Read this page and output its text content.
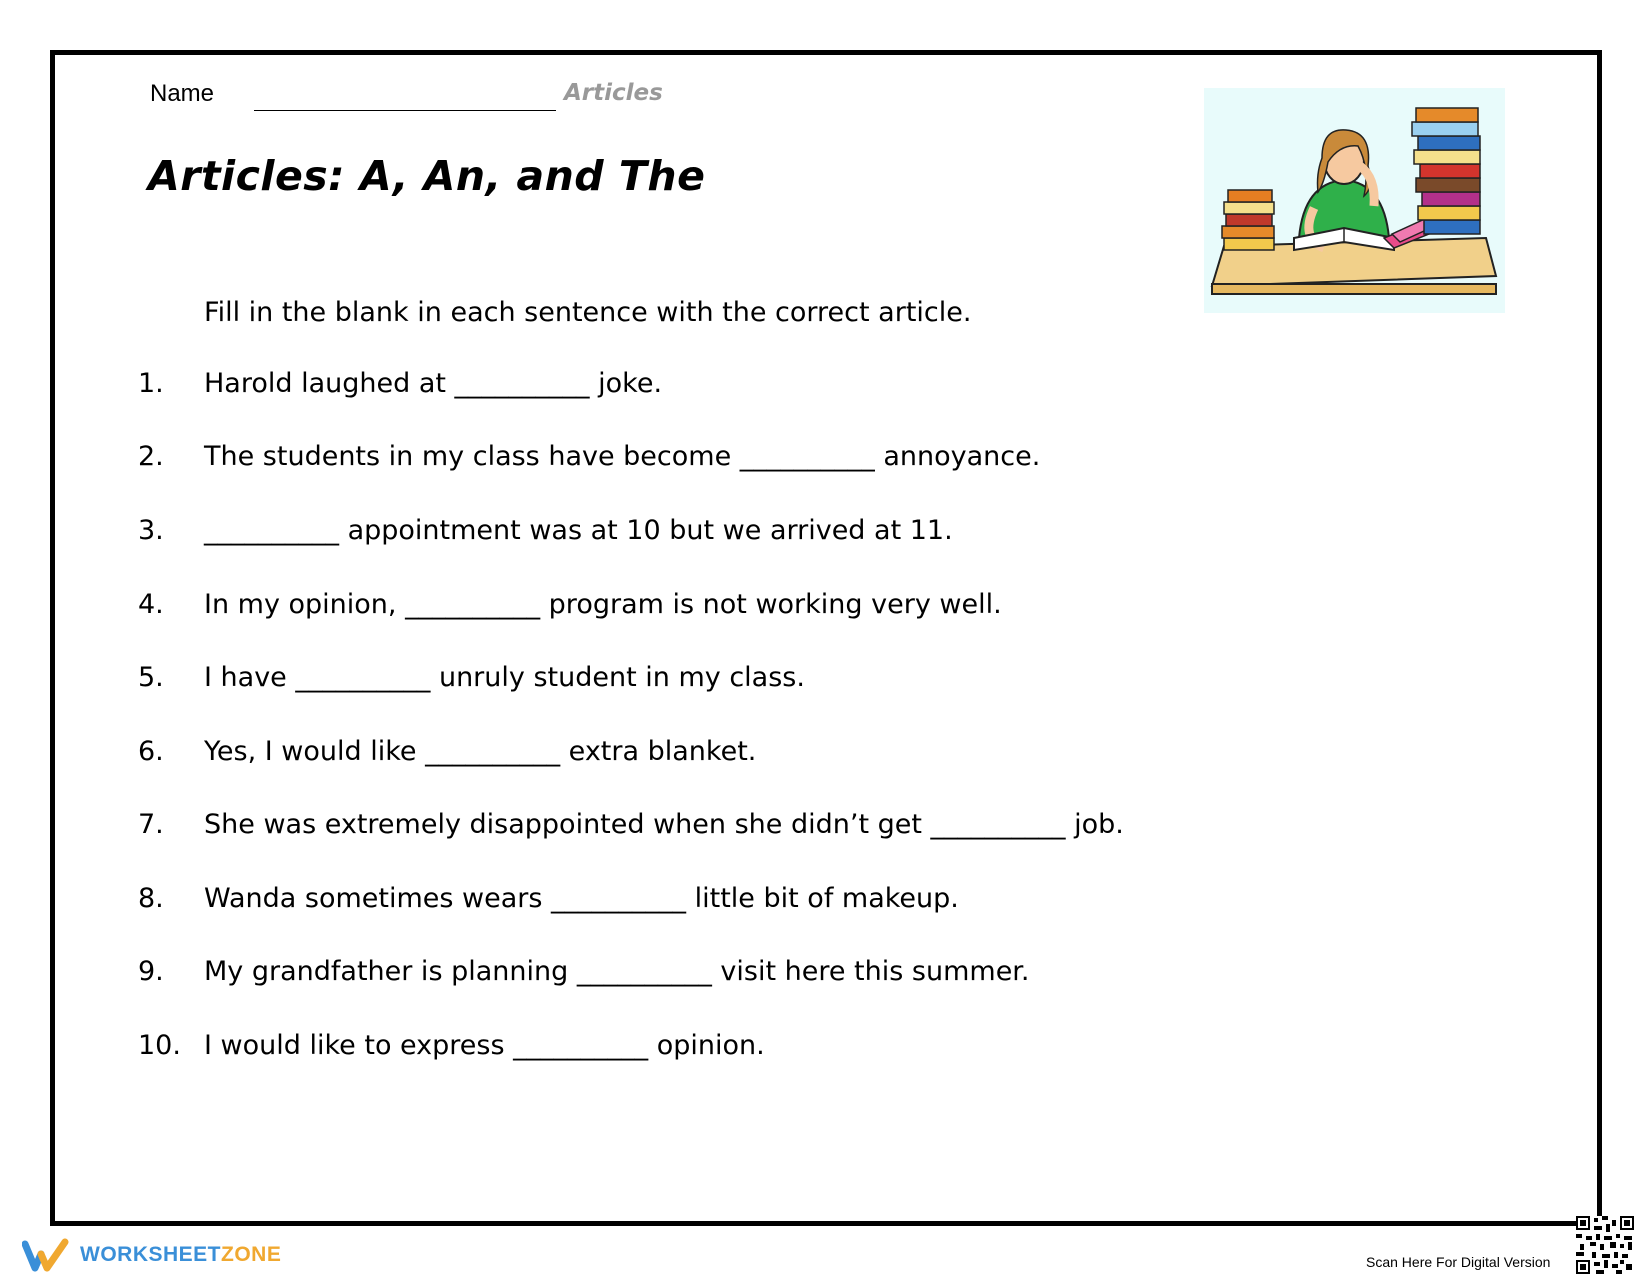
Name	Articles
Articles: A, An, and The
Fill in the blank in each sentence with the correct article.
1. Harold laughed at __________ joke.
2. The students in my class have become __________ annoyance.
3. __________ appointment was at 10 but we arrived at 11.
4. In my opinion, __________ program is not working very well.
5. I have __________ unruly student in my class.
6. Yes, I would like __________ extra blanket.
7. She was extremely disappointed when she didn’t get __________ job.
8. Wanda sometimes wears __________ little bit of makeup.
9. My grandfather is planning __________ visit here this summer.
10. I would like to express __________ opinion.
WORKSHEETZONE	Scan Here For Digital Version
